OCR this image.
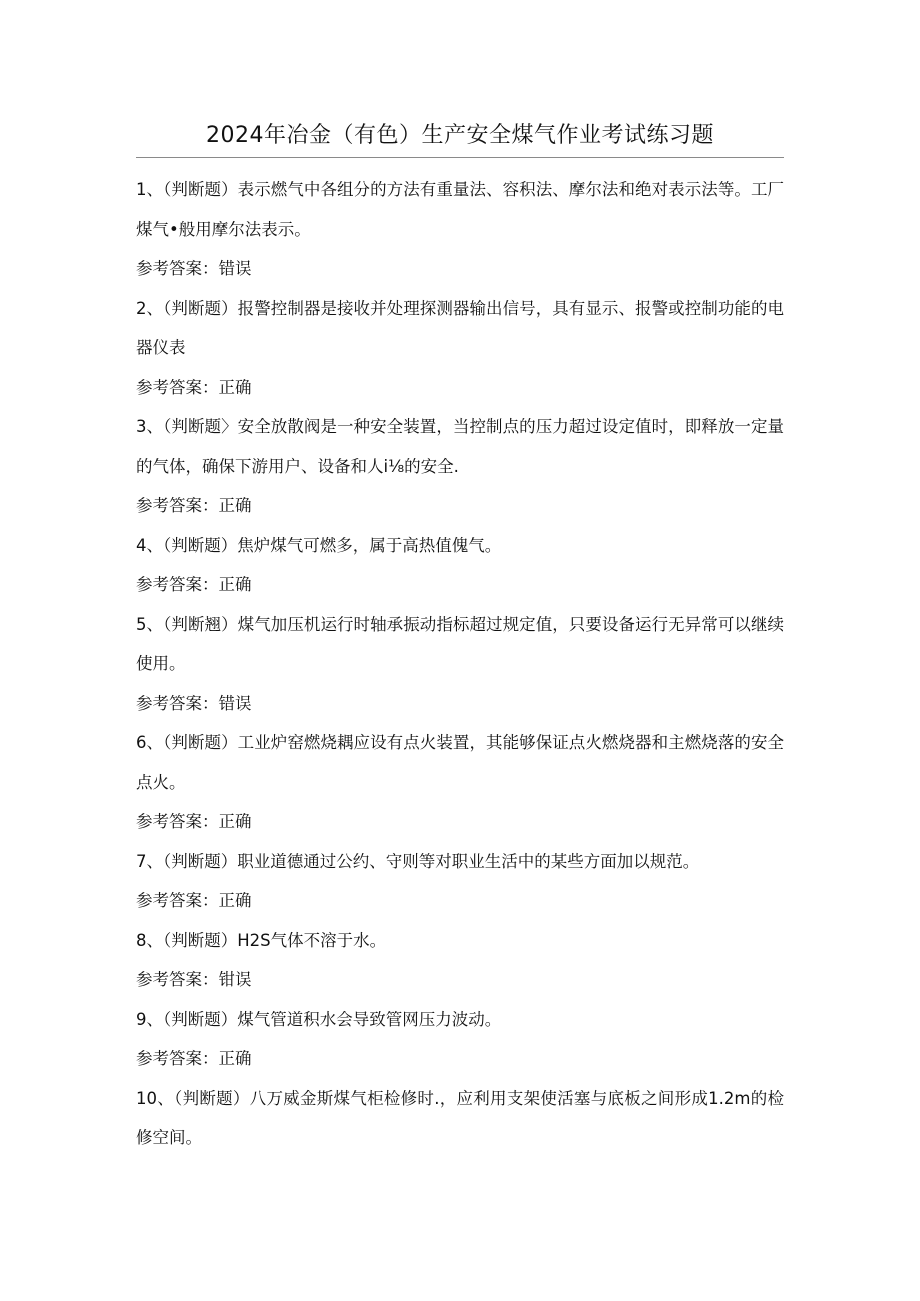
2024年冶金（有色）生产安全煤气作业考试练习题
1、（判断题）表示燃气中各组分的方法有重量法、容积法、摩尔法和绝对表示法等。工厂煤气•般用摩尔法表示。
参考答案：错误
2、（判断题）报警控制器是接收并处理探测器输出信号，具有显示、报警或控制功能的电器仪表
参考答案：正确
3、（判断题〉安全放散阀是一种安全装置，当控制点的压力超过设定值时，即释放一定量的气体，确保下游用户、设备和人i⅛的安全.
参考答案：正确
4、（判断题）焦炉煤气可燃多，属于高热值傀气。
参考答案：正确
5、（判断翘）煤气加压机运行时轴承振动指标超过规定值，只要设备运行无异常可以继续使用。
参考答案：错误
6、（判断题）工业炉窑燃烧耦应设有点火装置，其能够保证点火燃烧器和主燃烧落的安全点火。
参考答案：正确
7、（判断题）职业道德通过公约、守则等对职业生活中的某些方面加以规范。
参考答案：正确
8、（判断题）H2S气体不溶于水。
参考答案：钳误
9、（判断题）煤气管道积水会导致管网压力波动。
参考答案：正确
10、（判断题）八万威金斯煤气柜检修时.，应利用支架使活塞与底板之间形成1.2m的检修空间。
